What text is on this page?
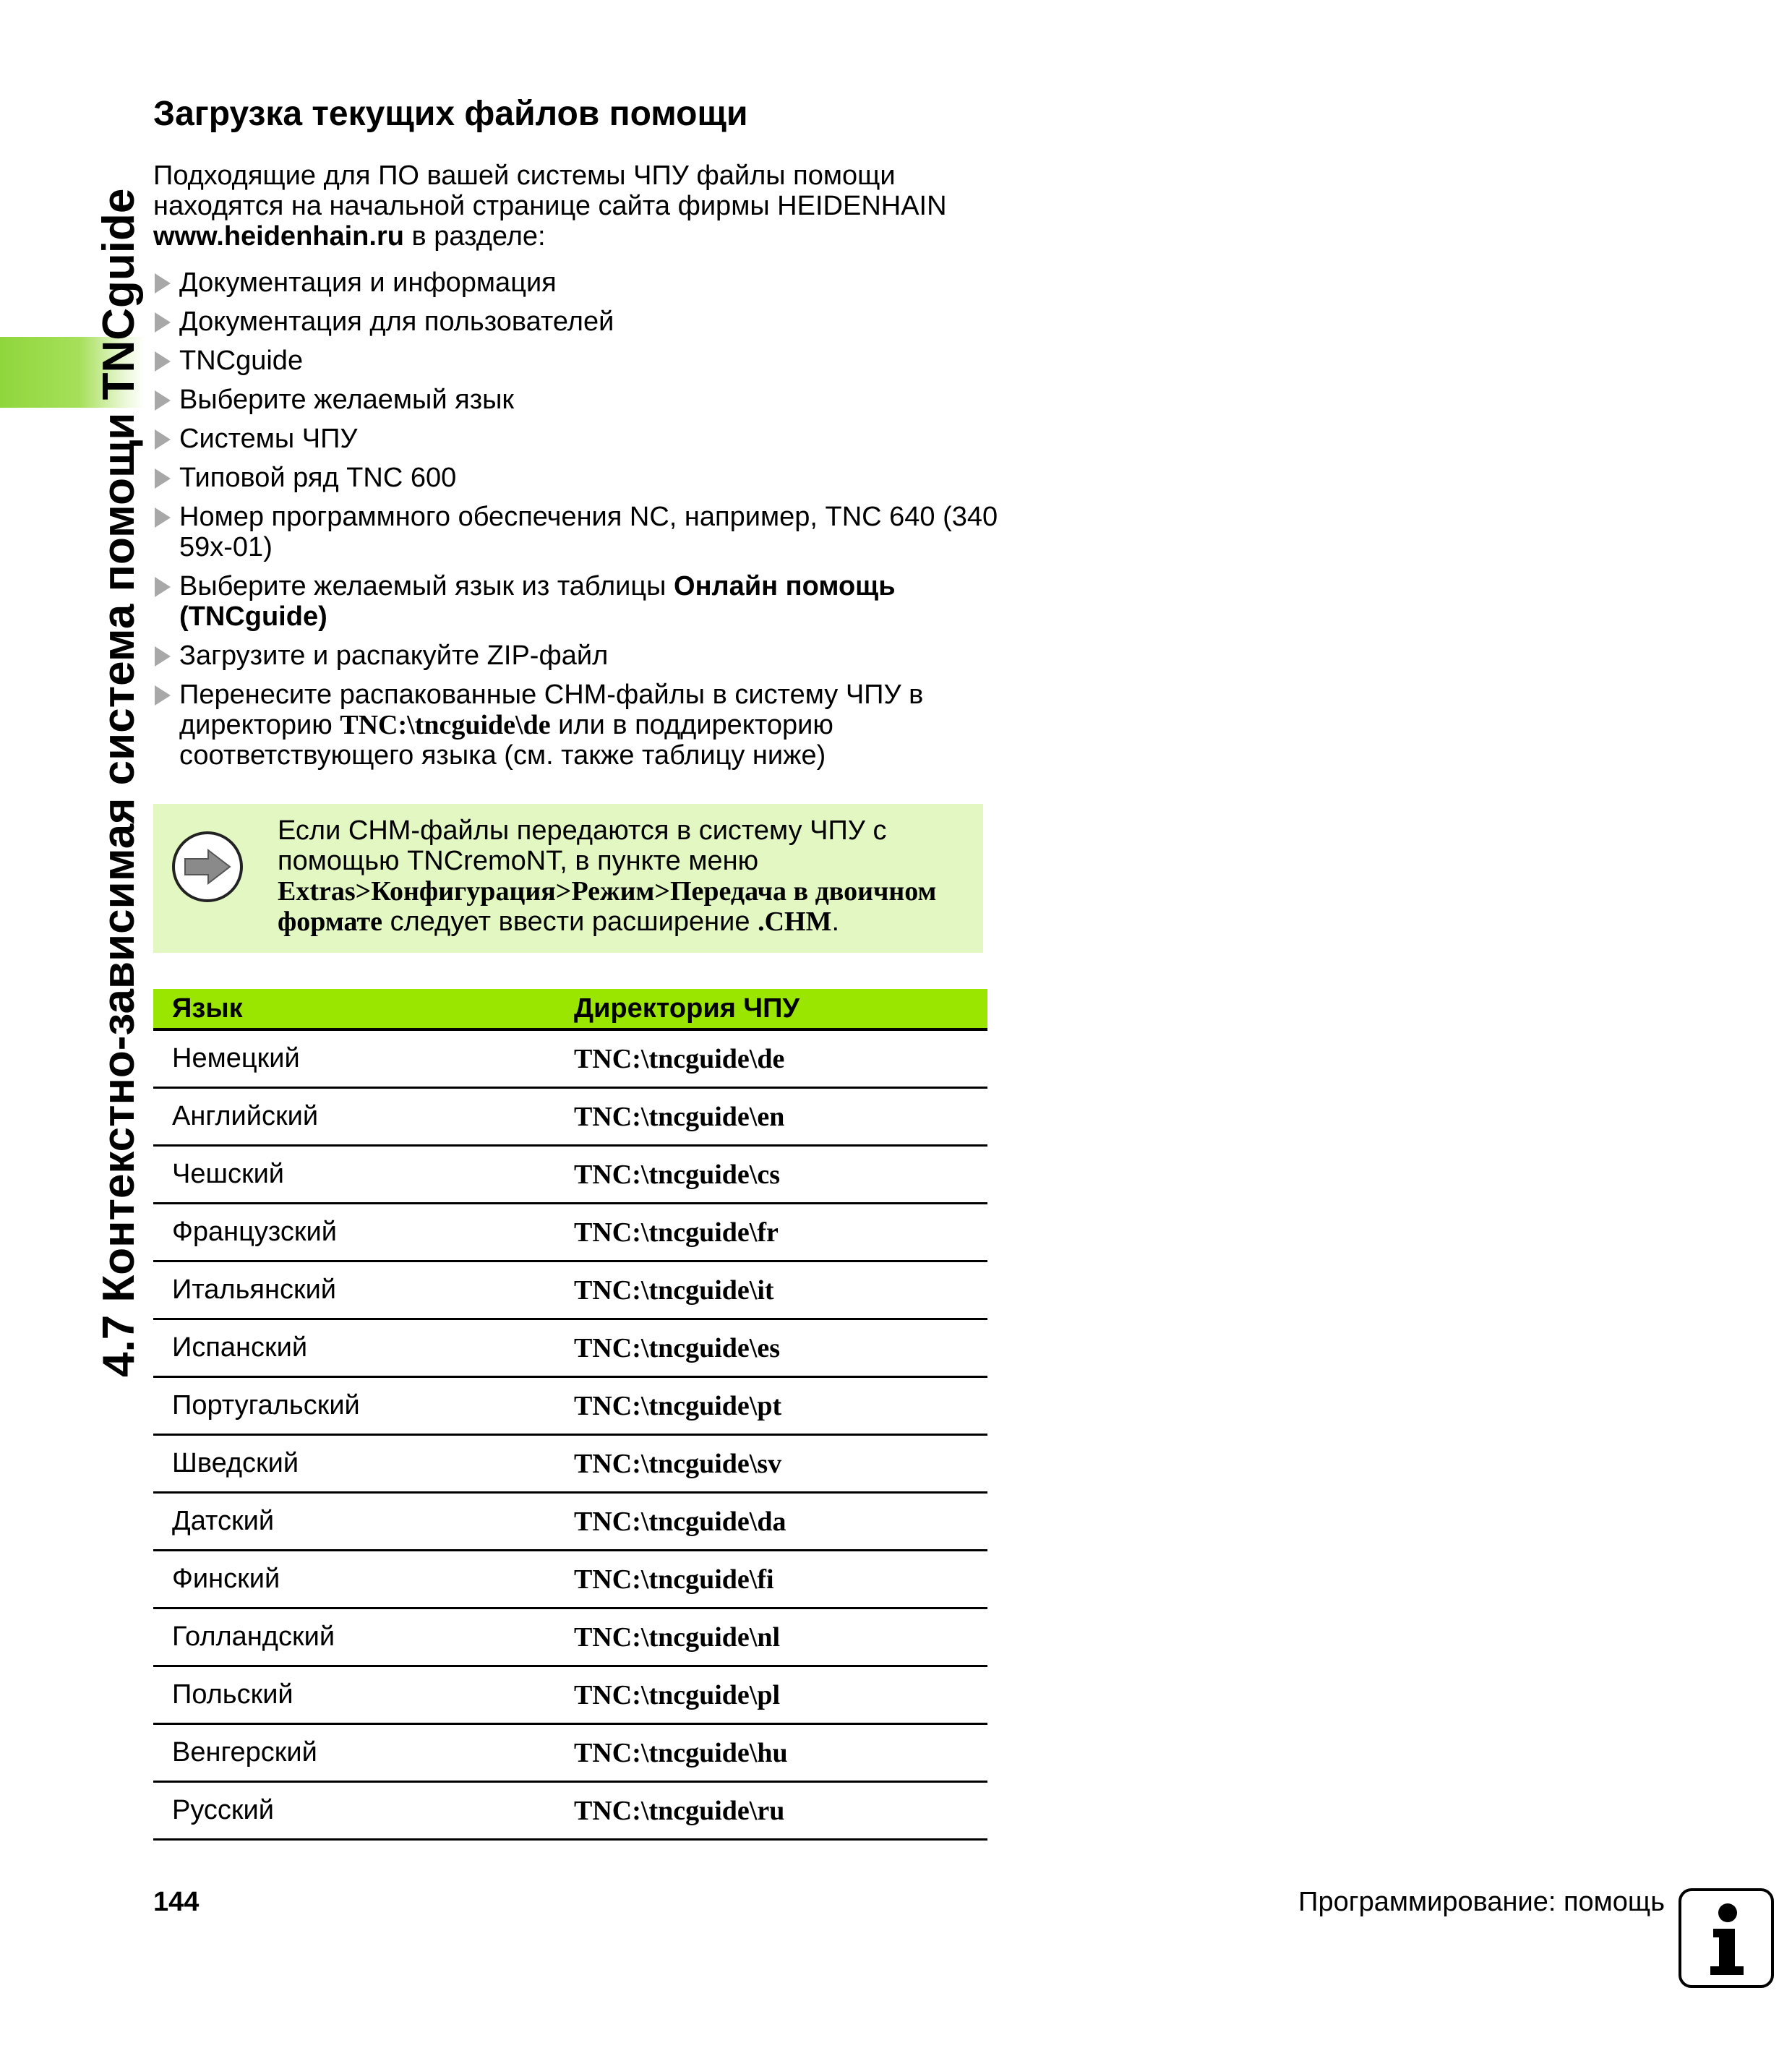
4.7 Контекстно-зависимая система помощи TNCguide
Загрузка текущих файлов помощи
Подходящие для ПО вашей системы ЧПУ файлы помощи
находятся на начальной странице сайта фирмы HEIDENHAIN
www.heidenhain.ru в разделе:
Документация и информация
Документация для пользователей
TNCguide
Выберите желаемый язык
Системы ЧПУ
Типовой ряд TNC 600
Номер программного обеспечения NC, например, TNC 640 (340 59x-01)
Выберите желаемый язык из таблицы Онлайн помощь (TNCguide)
Загрузите и распакуйте ZIP-файл
Перенесите распакованные CHM-файлы в систему ЧПУ в директорию TNC:\tncguide\de или в поддиректорию соответствующего языка (см. также таблицу ниже)
Если CHM-файлы передаются в систему ЧПУ с помощью TNCremoNT, в пункте меню Extras>Конфигурация>Режим>Передача в двоичном формате следует ввести расширение .CHM.
Язык	Директория ЧПУ
Немецкий	TNC:\tncguide\de
Английский	TNC:\tncguide\en
Чешский	TNC:\tncguide\cs
Французский	TNC:\tncguide\fr
Итальянский	TNC:\tncguide\it
Испанский	TNC:\tncguide\es
Португальский	TNC:\tncguide\pt
Шведский	TNC:\tncguide\sv
Датский	TNC:\tncguide\da
Финский	TNC:\tncguide\fi
Голландский	TNC:\tncguide\nl
Польский	TNC:\tncguide\pl
Венгерский	TNC:\tncguide\hu
Русский	TNC:\tncguide\ru
144	Программирование: помощь
